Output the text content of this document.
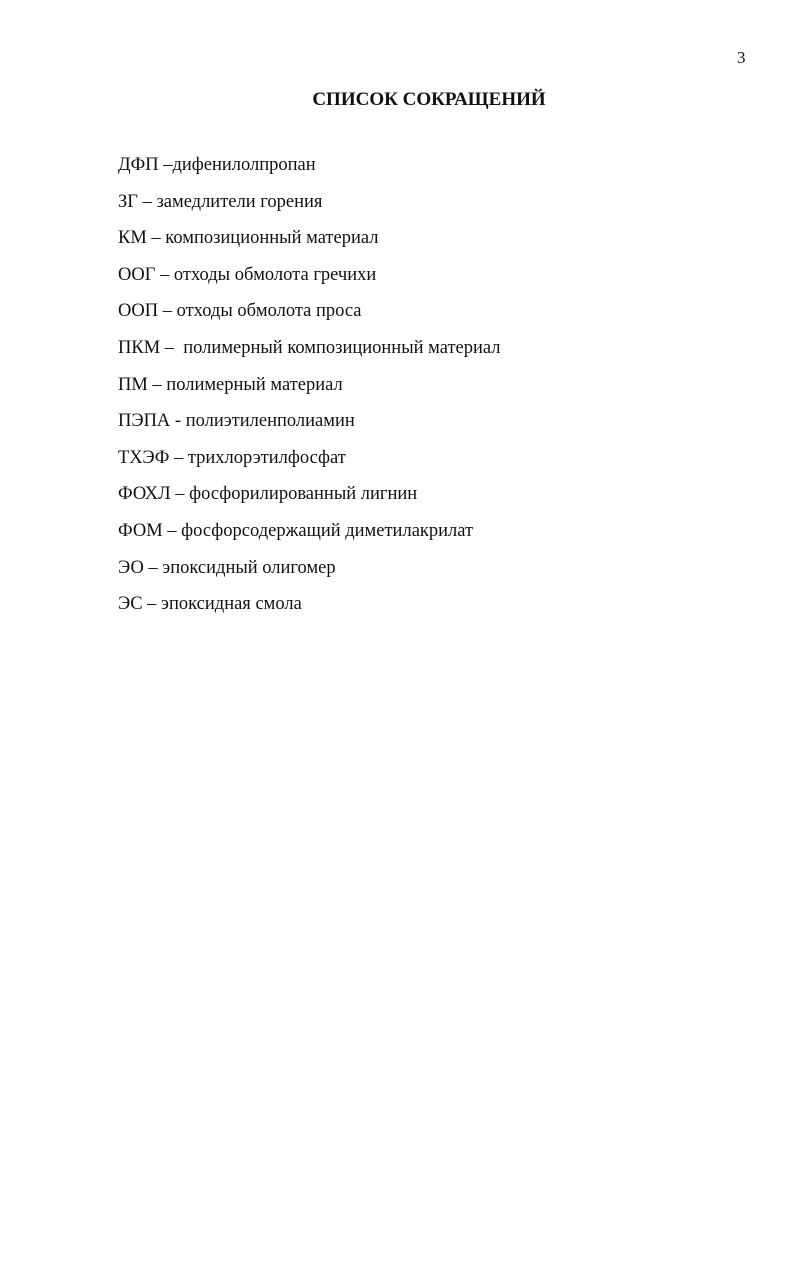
3
СПИСОК СОКРАЩЕНИЙ
ДФП –дифенилолпропан
ЗГ – замедлители горения
КМ – композиционный материал
ООГ – отходы обмолота гречихи
ООП – отходы обмолота проса
ПКМ –  полимерный композиционный материал
ПМ – полимерный материал
ПЭПА - полиэтиленполиамин
ТХЭФ – трихлорэтилфосфат
ФОХЛ – фосфорилированный лигнин
ФОМ – фосфорсодержащий диметилакрилат
ЭО – эпоксидный олигомер
ЭС – эпоксидная смола
